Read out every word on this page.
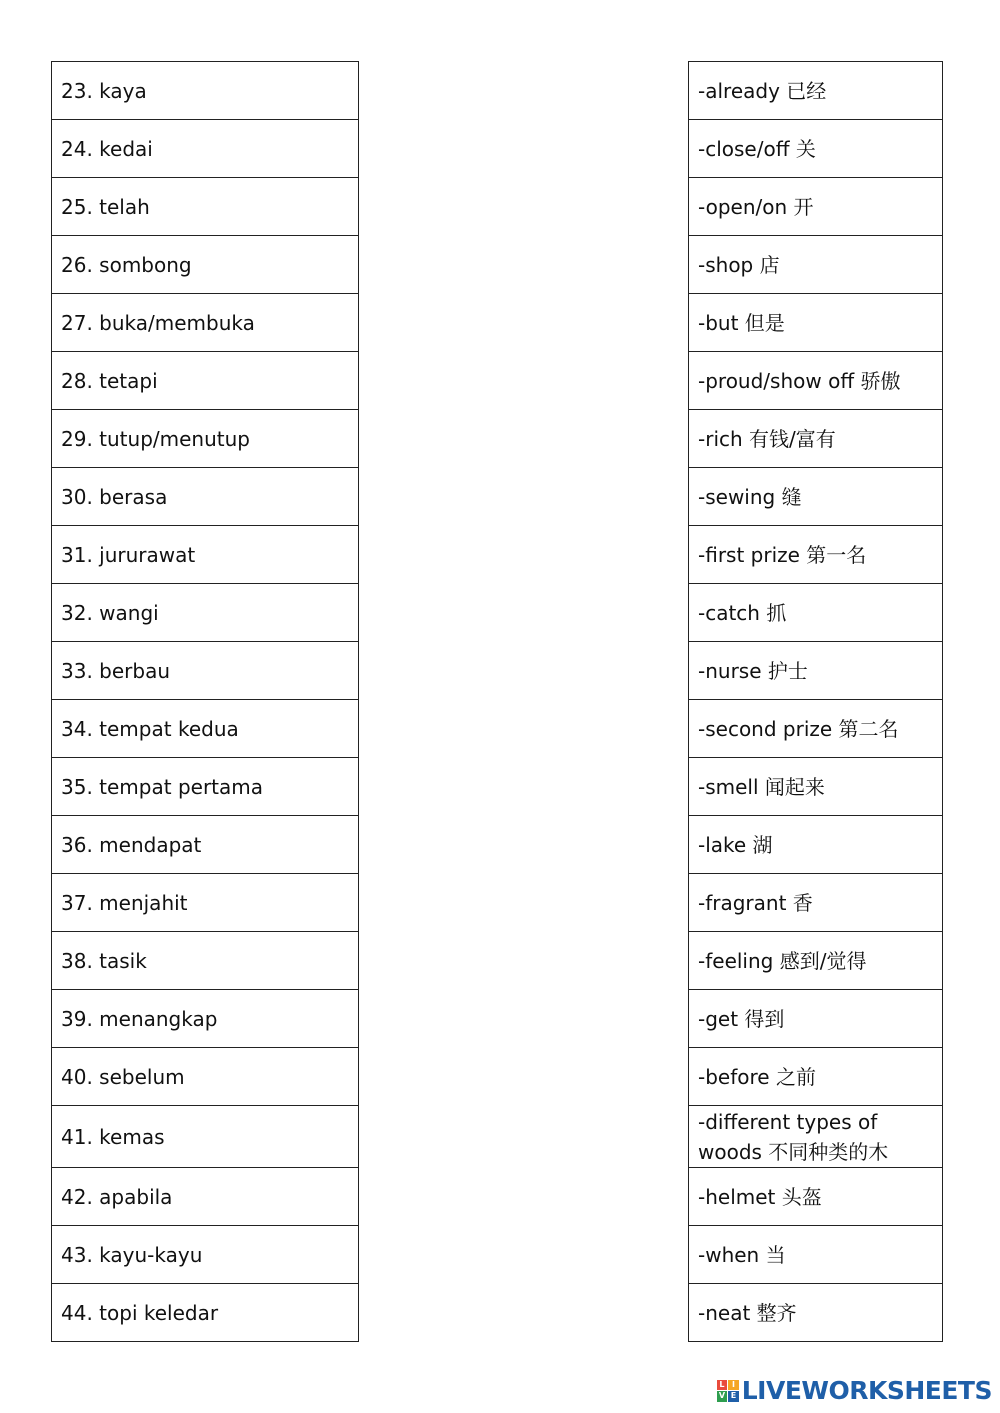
23. kaya
24. kedai
25. telah
26. sombong
27. buka/membuka
28. tetapi
29. tutup/menutup
30. berasa
31. jururawat
32. wangi
33. berbau
34. tempat kedua
35. tempat pertama
36. mendapat
37. menjahit
38. tasik
39. menangkap
40. sebelum
41. kemas
42. apabila
43. kayu-kayu
44. topi keledar
-already 已经
-close/off 关
-open/on 开
-shop 店
-but 但是
-proud/show off 骄傲
-rich 有钱/富有
-sewing 缝
-first prize 第一名
-catch 抓
-nurse 护士
-second prize 第二名
-smell 闻起来
-lake 湖
-fragrant 香
-feeling 感到/觉得
-get 得到
-before 之前
-different types of woods 不同种类的木
-helmet 头盔
-when 当
-neat 整齐
L I
V E LIVEWORKSHEETS
